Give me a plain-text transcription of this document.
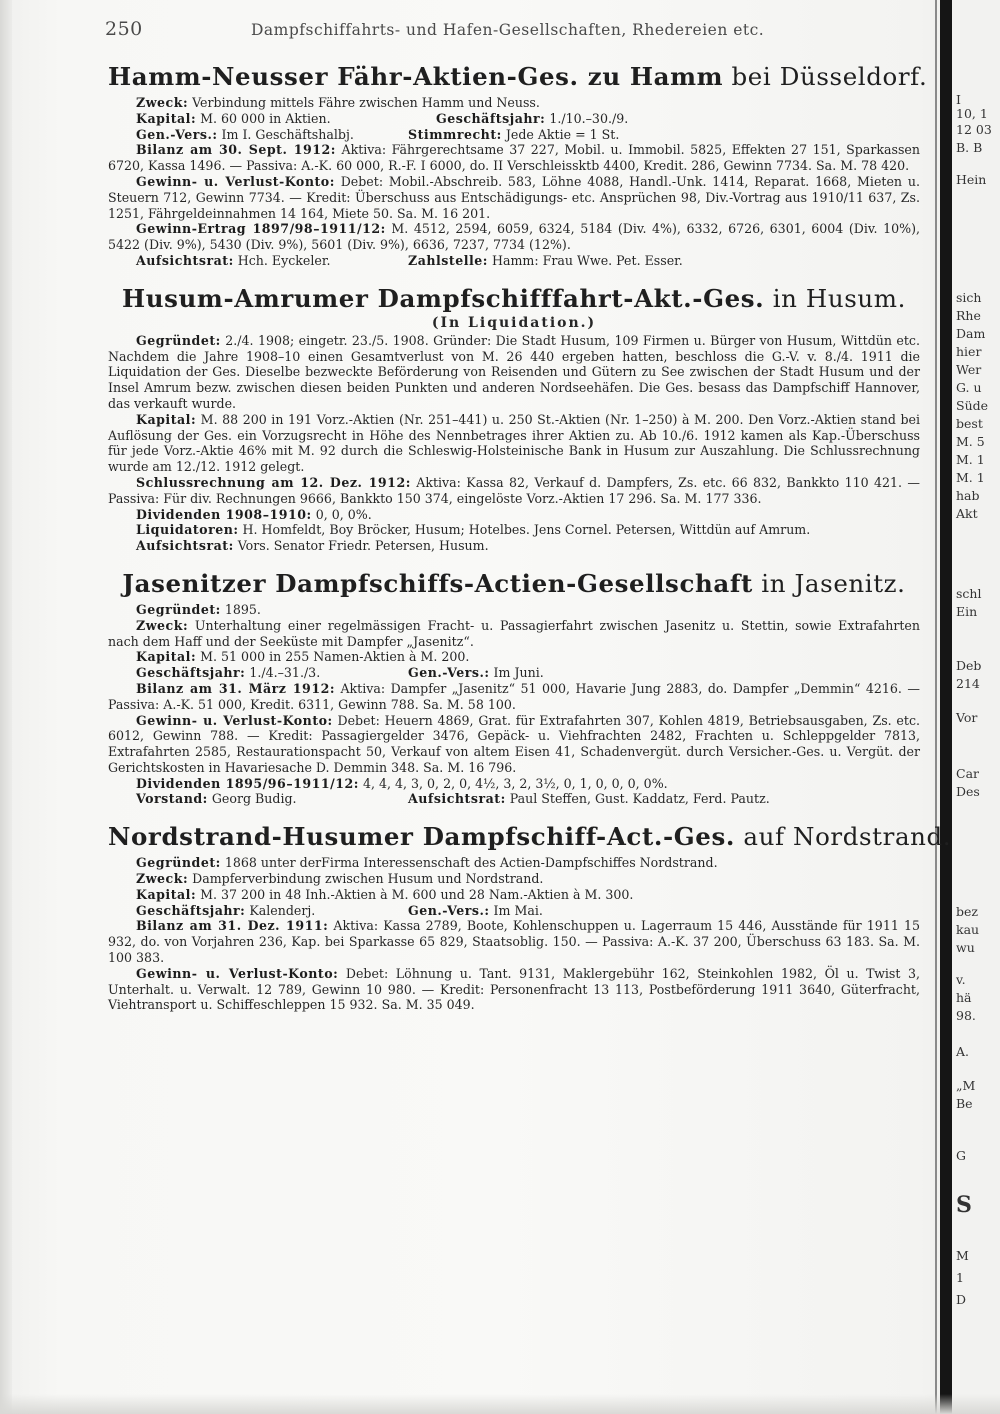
250	Dampfschiffahrts- und Hafen-Gesellschaften, Rhedereien etc.
Hamm-Neusser Fähr-Aktien-Ges. zu Hamm bei Düsseldorf.

Zweck: Verbindung mittels Fähre zwischen Hamm und Neuss.

Kapital: M. 60 000 in Aktien.	Geschäftsjahr: 1./10.–30./9.
Gen.-Vers.: Im I. Geschäftshalbj.	Stimmrecht: Jede Aktie = 1 St.

Bilanz am 30. Sept. 1912: Aktiva: Fährgerechtsame 37 227, Mobil. u. Immobil. 5825, Effekten 27 151, Sparkassen 6720, Kassa 1496. — Passiva: A.-K. 60 000, R.-F. I 6000, do. II Verschleissktb 4400, Kredit. 286, Gewinn 7734. Sa. M. 78 420.

Gewinn- u. Verlust-Konto: Debet: Mobil.-Abschreib. 583, Löhne 4088, Handl.-Unk. 1414, Reparat. 1668, Mieten u. Steuern 712, Gewinn 7734. — Kredit: Überschuss aus Entschädigungs- etc. Ansprüchen 98, Div.-Vortrag aus 1910/11 637, Zs. 1251, Fährgeldeinnahmen 14 164, Miete 50. Sa. M. 16 201.

Gewinn-Ertrag 1897/98–1911/12: M. 4512, 2594, 6059, 6324, 5184 (Div. 4%), 6332, 6726, 6301, 6004 (Div. 10%), 5422 (Div. 9%), 5430 (Div. 9%), 5601 (Div. 9%), 6636, 7237, 7734 (12%).

Aufsichtsrat: Hch. Eyckeler.	Zahlstelle: Hamm: Frau Wwe. Pet. Esser.
Husum-Amrumer Dampfschifffahrt-Akt.-Ges. in Husum.
(In Liquidation.)

Gegründet: 2./4. 1908; eingetr. 23./5. 1908. Gründer: Die Stadt Husum, 109 Firmen u. Bürger von Husum, Wittdün etc. Nachdem die Jahre 1908–10 einen Gesamtverlust von M. 26 440 ergeben hatten, beschloss die G.-V. v. 8./4. 1911 die Liquidation der Ges. Dieselbe bezweckte Beförderung von Reisenden und Gütern zu See zwischen der Stadt Husum und der Insel Amrum bezw. zwischen diesen beiden Punkten und anderen Nordseehäfen. Die Ges. besass das Dampfschiff Hannover, das verkauft wurde.

Kapital: M. 88 200 in 191 Vorz.-Aktien (Nr. 251–441) u. 250 St.-Aktien (Nr. 1–250) à M. 200. Den Vorz.-Aktien stand bei Auflösung der Ges. ein Vorzugsrecht in Höhe des Nennbetrages ihrer Aktien zu. Ab 10./6. 1912 kamen als Kap.-Überschuss für jede Vorz.-Aktie 46% mit M. 92 durch die Schleswig-Holsteinische Bank in Husum zur Auszahlung. Die Schlussrechnung wurde am 12./12. 1912 gelegt.

Schlussrechnung am 12. Dez. 1912: Aktiva: Kassa 82, Verkauf d. Dampfers, Zs. etc. 66 832, Bankkto 110 421. — Passiva: Für div. Rechnungen 9666, Bankkto 150 374, eingelöste Vorz.-Aktien 17 296. Sa. M. 177 336.

Dividenden 1908–1910: 0, 0, 0%.

Liquidatoren: H. Homfeldt, Boy Bröcker, Husum; Hotelbes. Jens Cornel. Petersen, Wittdün auf Amrum.

Aufsichtsrat: Vors. Senator Friedr. Petersen, Husum.

Jasenitzer Dampfschiffs-Actien-Gesellschaft in Jasenitz.

Gegründet: 1895.

Zweck: Unterhaltung einer regelmässigen Fracht- u. Passagierfahrt zwischen Jasenitz u. Stettin, sowie Extrafahrten nach dem Haff und der Seeküste mit Dampfer „Jasenitz“.

Kapital: M. 51 000 in 255 Namen-Aktien à M. 200.

Geschäftsjahr: 1./4.–31./3.	Gen.-Vers.: Im Juni.

Bilanz am 31. März 1912: Aktiva: Dampfer „Jasenitz“ 51 000, Havarie Jung 2883, do. Dampfer „Demmin“ 4216. — Passiva: A.-K. 51 000, Kredit. 6311, Gewinn 788. Sa. M. 58 100.

Gewinn- u. Verlust-Konto: Debet: Heuern 4869, Grat. für Extrafahrten 307, Kohlen 4819, Betriebsausgaben, Zs. etc. 6012, Gewinn 788. — Kredit: Passagiergelder 3476, Gepäck- u. Viehfrachten 2482, Frachten u. Schleppgelder 7813, Extrafahrten 2585, Restaurationspacht 50, Verkauf von altem Eisen 41, Schadenvergüt. durch Versicher.-Ges. u. Vergüt. der Gerichtskosten in Havariesache D. Demmin 348. Sa. M. 16 796.

Dividenden 1895/96–1911/12: 4, 4, 4, 3, 0, 2, 0, 4½, 3, 2, 3½, 0, 1, 0, 0, 0, 0%.

Vorstand: Georg Budig.	Aufsichtsrat: Paul Steffen, Gust. Kaddatz, Ferd. Pautz.
Nordstrand-Husumer Dampfschiff-Act.-Ges. auf Nordstrand.

Gegründet: 1868 unter derFirma Interessenschaft des Actien-Dampfschiffes Nordstrand.

Zweck: Dampferverbindung zwischen Husum und Nordstrand.

Kapital: M. 37 200 in 48 Inh.-Aktien à M. 600 und 28 Nam.-Aktien à M. 300.

Geschäftsjahr: Kalenderj.	Gen.-Vers.: Im Mai.

Bilanz am 31. Dez. 1911: Aktiva: Kassa 2789, Boote, Kohlenschuppen u. Lagerraum 15 446, Ausstände für 1911 15 932, do. von Vorjahren 236, Kap. bei Sparkasse 65 829, Staatsoblig. 150. — Passiva: A.-K. 37 200, Überschuss 63 183. Sa. M. 100 383.

Gewinn- u. Verlust-Konto: Debet: Löhnung u. Tant. 9131, Maklergebühr 162, Steinkohlen 1982, Öl u. Twist 3, Unterhalt. u. Verwalt. 12 789, Gewinn 10 980. — Kredit: Personenfracht 13 113, Postbeförderung 1911 3640, Güterfracht, Viehtransport u. Schiffeschleppen 15 932. Sa. M. 35 049.

I
10, 1
12 03
B. B
Hein
sich
Rhe
Dam
hier
Wer
G. u
Süde
best
M. 5
M. 1
M. 1
hab
Akt
schl
Ein
Deb
214
Vor
Car
Des
bez
kau
wu
v.
hä
98.
A.
„M
Be
G
S
M
1
D
